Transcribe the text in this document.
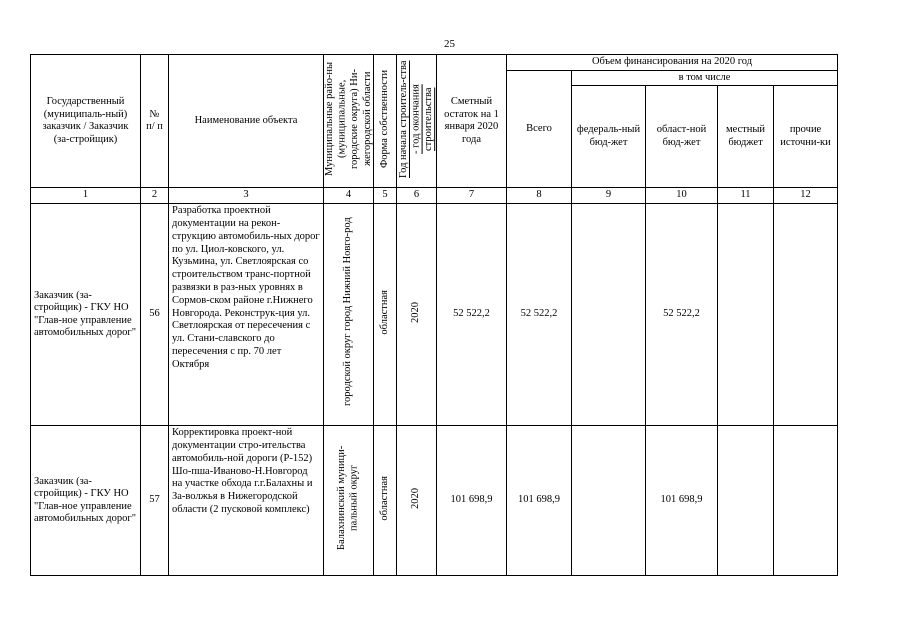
25
Государственный (муниципаль-ный) заказчик / Заказчик (за-стройщик)	№ п/ п	Наименование объекта	Муниципальные райо-ны (муниципальные, городские округа) Ни-жегородской области	Форма собственности	Год начала строитель-ства - год окончания строительства	Сметный остаток на 1 января 2020 года	Объем финансирования на 2020 год				
							Всего	в том числе			
								федераль-ный бюд-жет	област-ной бюд-жет	местный бюджет	прочие источни-ки
1	2	3	4	5	6	7	8	9	10	11	12
Заказчик (за-стройщик) - ГКУ НО "Глав-ное управление автомобильных дорог"	56	Разработка проектной документации на рекон-струкцию автомобиль-ных дорог по ул. Циол-ковского, ул. Кузьмина, ул. Светлоярская со строительством транс-портной развязки в раз-ных уровнях в Сормов-ском районе г.Нижнего Новгорода. Реконструк-ция ул. Светлоярская от пересечения с ул. Стани-славского до пересечения с пр. 70 лет Октября	городской округ город Нижний Новго-род	областная	2020	52 522,2	52 522,2		52 522,2		
Заказчик (за-стройщик) - ГКУ НО "Глав-ное управление автомобильных дорог"	57	Корректировка проект-ной документации стро-ительства автомобиль-ной дороги (Р-152) Шо-пша-Иваново-Н.Новгород на участке обхода г.г.Балахны и За-волжья в Нижегородской области (2 пусковой комплекс)	Балахнинский муници-пальный округ	областная	2020	101 698,9	101 698,9		101 698,9		
